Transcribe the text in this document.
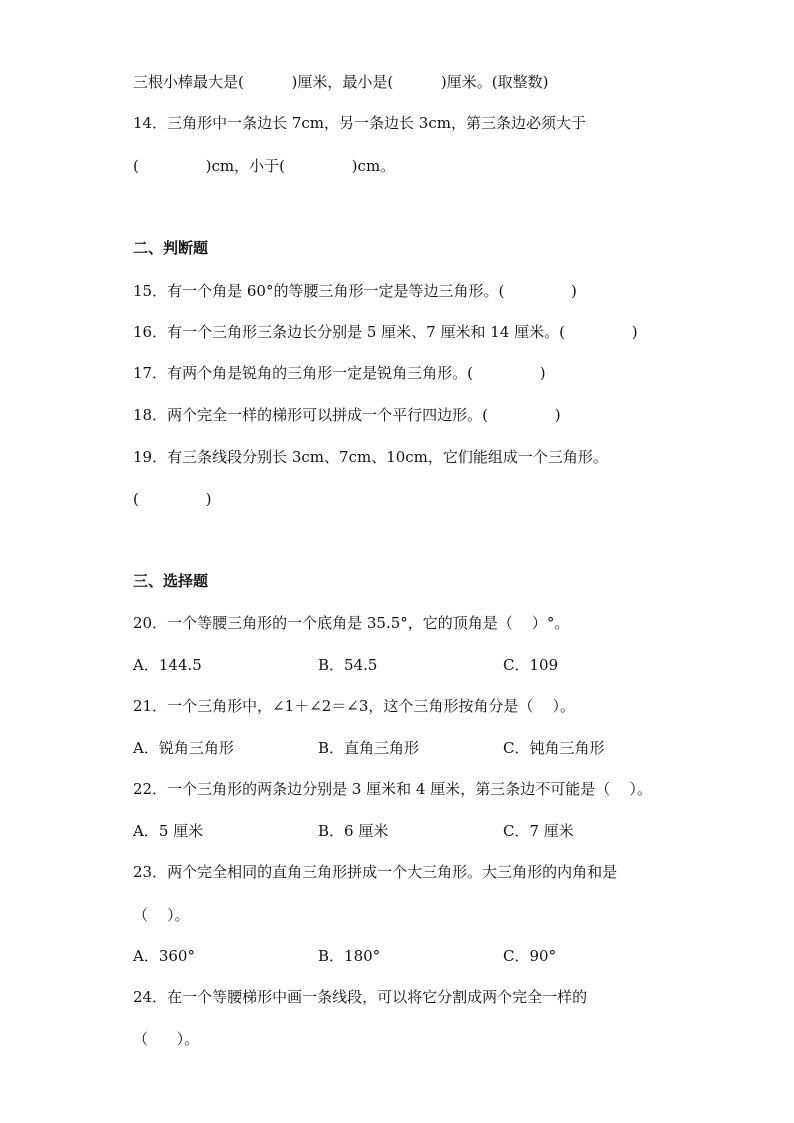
三根小棒最大是(          )厘米，最小是(          )厘米。(取整数)
14．三角形中一条边长 7cm，另一条边长 3cm，第三条边必须大于
(              )cm，小于(              )cm。
二、判断题
15．有一个角是 60°的等腰三角形一定是等边三角形。(              )
16．有一个三角形三条边长分别是 5 厘米、7 厘米和 14 厘米。(              )
17．有两个角是锐角的三角形一定是锐角三角形。(              )
18．两个完全一样的梯形可以拼成一个平行四边形。(              )
19．有三条线段分别长 3cm、7cm、10cm，它们能组成一个三角形。
(              )
三、选择题
20．一个等腰三角形的一个底角是 35.5°，它的顶角是（    ）°。
A．144.5	B．54.5	C．109
21．一个三角形中，∠1＋∠2＝∠3，这个三角形按角分是（    ）。
A．锐角三角形	B．直角三角形	C．钝角三角形
22．一个三角形的两条边分别是 3 厘米和 4 厘米，第三条边不可能是（    ）。
A．5 厘米	B．6 厘米	C．7 厘米
23．两个完全相同的直角三角形拼成一个大三角形。大三角形的内角和是
（    ）。
A．360°	B．180°	C．90°
24．在一个等腰梯形中画一条线段，可以将它分割成两个完全一样的
（      ）。
